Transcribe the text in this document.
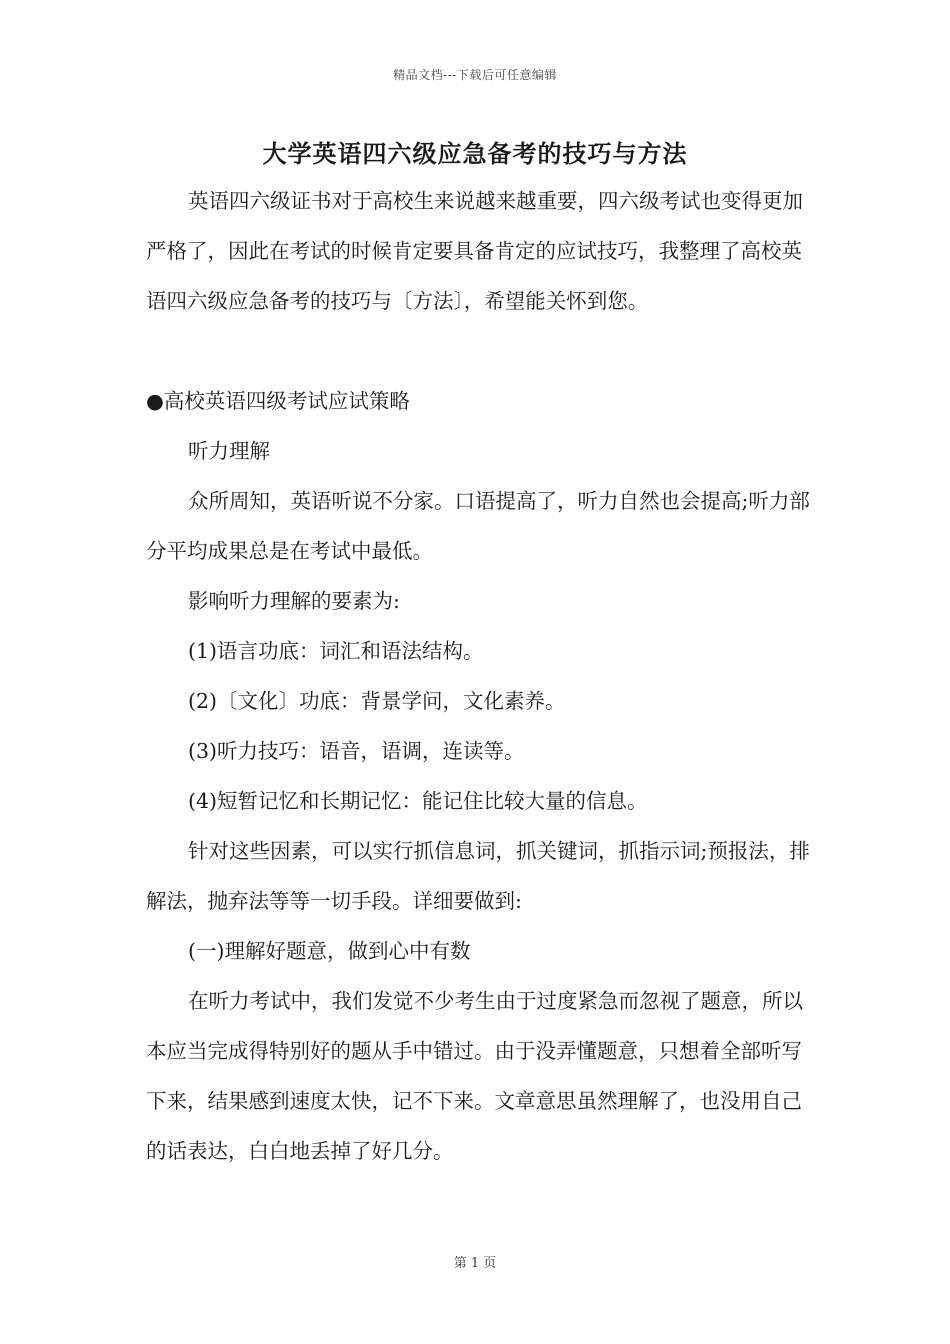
精品文档---下载后可任意编辑
大学英语四六级应急备考的技巧与方法

英语四六级证书对于高校生来说越来越重要，四六级考试也变得更加严格了，因此在考试的时候肯定要具备肯定的应试技巧，我整理了高校英语四六级应急备考的技巧与〔方法〕，希望能关怀到您。

●高校英语四级考试应试策略

听力理解

众所周知，英语听说不分家。口语提高了，听力自然也会提高;听力部分平均成果总是在考试中最低。

影响听力理解的要素为:

(1)语言功底：词汇和语法结构。

(2)〔文化〕功底：背景学问，文化素养。

(3)听力技巧：语音，语调，连读等。

(4)短暂记忆和长期记忆：能记住比较大量的信息。

针对这些因素，可以实行抓信息词，抓关键词，抓指示词;预报法，排解法，抛弃法等等一切手段。详细要做到:

(一)理解好题意，做到心中有数

在听力考试中，我们发觉不少考生由于过度紧急而忽视了题意，所以本应当完成得特别好的题从手中错过。由于没弄懂题意，只想着全部听写下来，结果感到速度太快，记不下来。文章意思虽然理解了，也没用自己的话表达，白白地丢掉了好几分。

第 1 页
